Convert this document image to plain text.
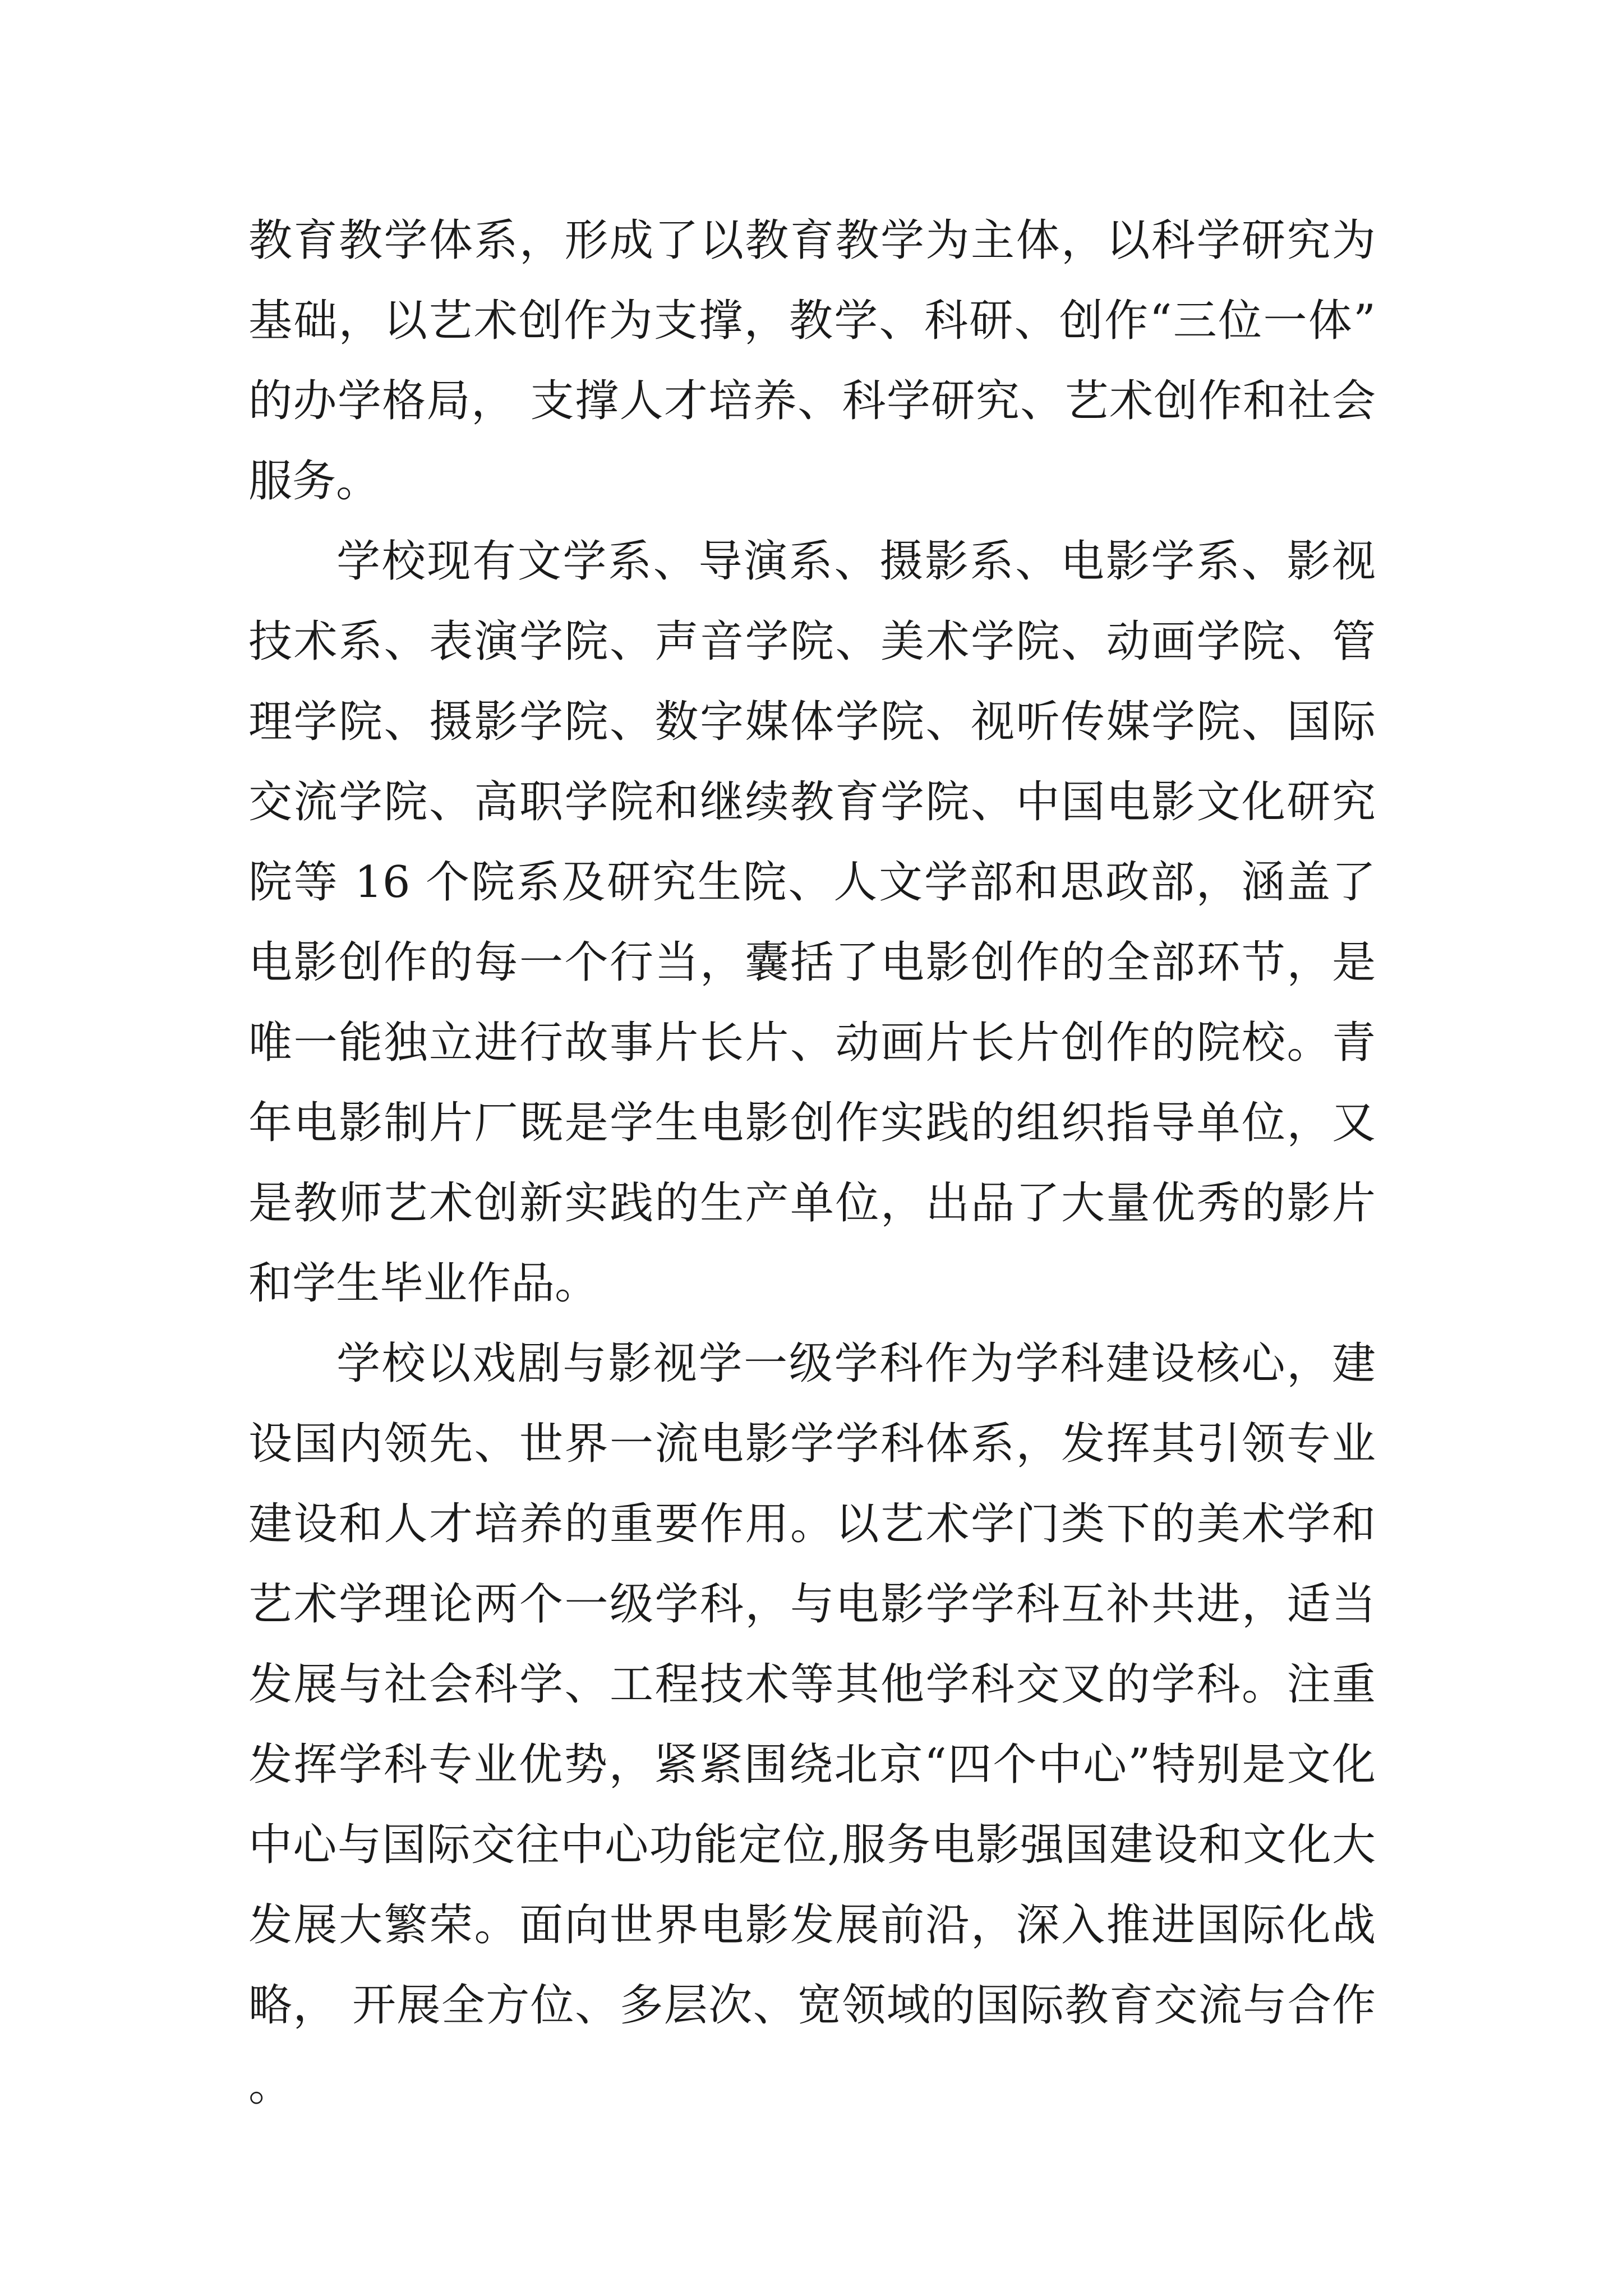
教育教学体系，形成了以教育教学为主体，以科学研究为基础，以艺术创作为支撑，教学、科研、创作“三位一体”的办学格局， 支撑人才培养、科学研究、艺术创作和社会服务。

学校现有文学系、导演系、摄影系、电影学系、影视技术系、表演学院、声音学院、美术学院、动画学院、管理学院、摄影学院、数字媒体学院、视听传媒学院、国际交流学院、高职学院和继续教育学院、中国电影文化研究院等 16 个院系及研究生院、人文学部和思政部，涵盖了电影创作的每一个行当，囊括了电影创作的全部环节，是唯一能独立进行故事片长片、动画片长片创作的院校。青年电影制片厂既是学生电影创作实践的组织指导单位，又是教师艺术创新实践的生产单位，出品了大量优秀的影片和学生毕业作品。

学校以戏剧与影视学一级学科作为学科建设核心，建设国内领先、世界一流电影学学科体系，发挥其引领专业建设和人才培养的重要作用。以艺术学门类下的美术学和艺术学理论两个一级学科，与电影学学科互补共进，适当发展与社会科学、工程技术等其他学科交叉的学科。注重发挥学科专业优势，紧紧围绕北京“四个中心”特别是文化中心与国际交往中心功能定位,服务电影强国建设和文化大发展大繁荣。面向世界电影发展前沿，深入推进国际化战略， 开展全方位、多层次、宽领域的国际教育交流与合作。
